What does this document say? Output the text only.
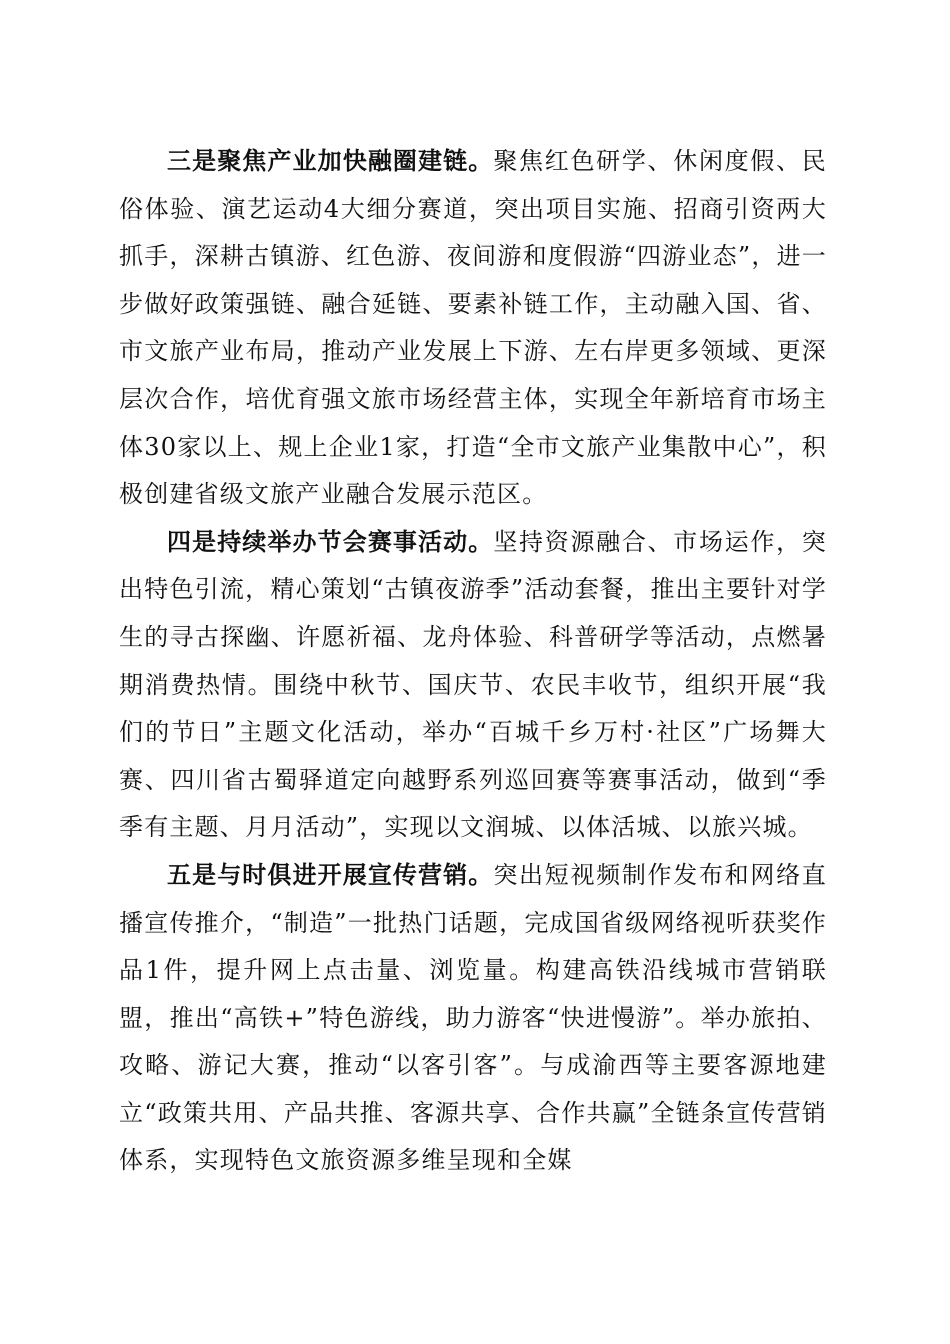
三是聚焦产业加快融圈建链。聚焦红色研学、休闲度假、民俗体验、演艺运动4大细分赛道，突出项目实施、招商引资两大抓手，深耕古镇游、红色游、夜间游和度假游“四游业态”，进一步做好政策强链、融合延链、要素补链工作，主动融入国、省、市文旅产业布局，推动产业发展上下游、左右岸更多领域、更深层次合作，培优育强文旅市场经营主体，实现全年新培育市场主体30家以上、规上企业1家，打造“全市文旅产业集散中心”，积极创建省级文旅产业融合发展示范区。

四是持续举办节会赛事活动。坚持资源融合、市场运作，突出特色引流，精心策划“古镇夜游季”活动套餐，推出主要针对学生的寻古探幽、许愿祈福、龙舟体验、科普研学等活动，点燃暑期消费热情。围绕中秋节、国庆节、农民丰收节，组织开展“我们的节日”主题文化活动，举办“百城千乡万村·社区”广场舞大赛、四川省古蜀驿道定向越野系列巡回赛等赛事活动，做到“季季有主题、月月活动”，实现以文润城、以体活城、以旅兴城。

五是与时俱进开展宣传营销。突出短视频制作发布和网络直播宣传推介，“制造”一批热门话题，完成国省级网络视听获奖作品1件，提升网上点击量、浏览量。构建高铁沿线城市营销联盟，推出“高铁+”特色游线，助力游客“快进慢游”。举办旅拍、攻略、游记大赛，推动“以客引客”。与成渝西等主要客源地建立“政策共用、产品共推、客源共享、合作共赢”全链条宣传营销体系，实现特色文旅资源多维呈现和全媒
